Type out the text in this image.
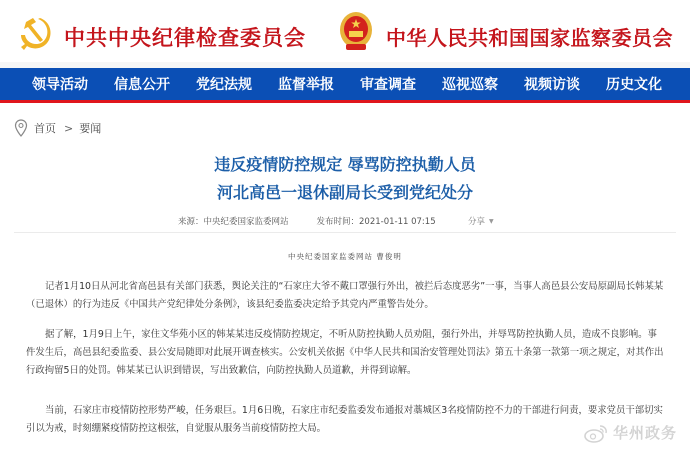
中共中央纪律检查委员会	中华人民共和国国家监察委员会
领导活动 信息公开 党纪法规 监督举报 审查调查 巡视巡察 视频访谈 历史文化
首页 > 要闻
违反疫情防控规定 辱骂防控执勤人员
河北高邑一退休副局长受到党纪处分
来源：中央纪委国家监委网站	发布时间：2021-01-11 07:15	分享 ▼
中央纪委国家监委网站 曹俊明

记者1月10日从河北省高邑县有关部门获悉，舆论关注的“石家庄大爷不戴口罩强行外出，被拦后态度恶劣”一事，当事人高邑县公安局原副局长韩某某（已退休）的行为违反《中国共产党纪律处分条例》，该县纪委监委决定给予其党内严重警告处分。

据了解，1月9日上午，家住文华苑小区的韩某某违反疫情防控规定，不听从防控执勤人员劝阻，强行外出，并辱骂防控执勤人员，造成不良影响。事件发生后，高邑县纪委监委、县公安局随即对此展开调查核实。公安机关依据《中华人民共和国治安管理处罚法》第五十条第一款第一项之规定，对其作出行政拘留5日的处罚。韩某某已认识到错误，写出致歉信，向防控执勤人员道歉，并得到谅解。

当前，石家庄市疫情防控形势严峻，任务艰巨。1月6日晚，石家庄市纪委监委发布通报对藁城区3名疫情防控不力的干部进行问责，要求党员干部切实引以为戒，时刻绷紧疫情防控这根弦，自觉服从服务当前疫情防控大局。	华州政务
